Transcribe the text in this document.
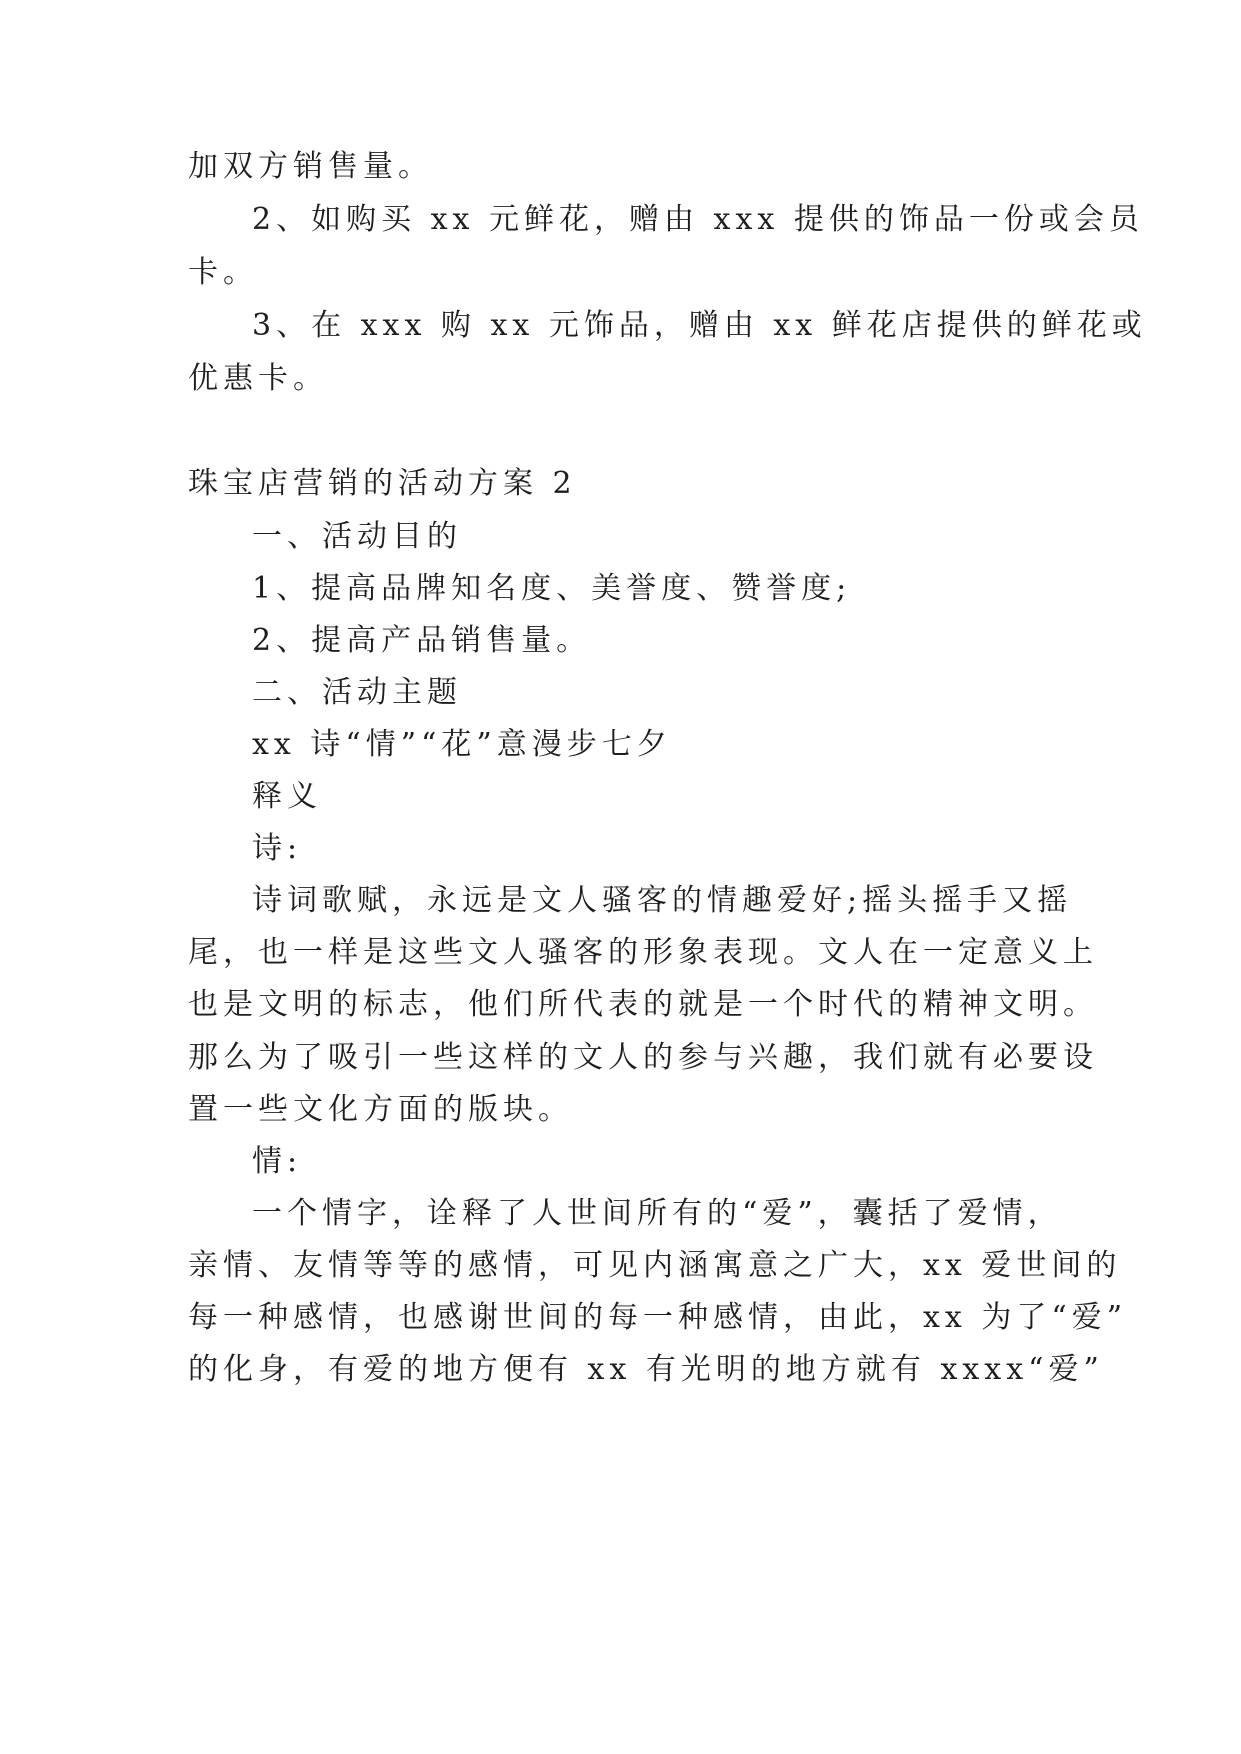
加双方销售量。
2、如购买 xx 元鲜花，赠由 xxx 提供的饰品一份或会员
卡。
3、在 xxx 购 xx 元饰品，赠由 xx 鲜花店提供的鲜花或
优惠卡。
珠宝店营销的活动方案 2
一、活动目的
1、提高品牌知名度、美誉度、赞誉度;
2、提高产品销售量。
二、活动主题
xx 诗“情”“花”意漫步七夕
释义
诗:
诗词歌赋，永远是文人骚客的情趣爱好;摇头摇手又摇
尾，也一样是这些文人骚客的形象表现。文人在一定意义上
也是文明的标志，他们所代表的就是一个时代的精神文明。
那么为了吸引一些这样的文人的参与兴趣，我们就有必要设
置一些文化方面的版块。
情:
一个情字，诠释了人世间所有的“爱”，囊括了爱情，
亲情、友情等等的感情，可见内涵寓意之广大，xx 爱世间的
每一种感情，也感谢世间的每一种感情，由此，xx 为了“爱”
的化身，有爱的地方便有 xx 有光明的地方就有 xxxx“爱”
